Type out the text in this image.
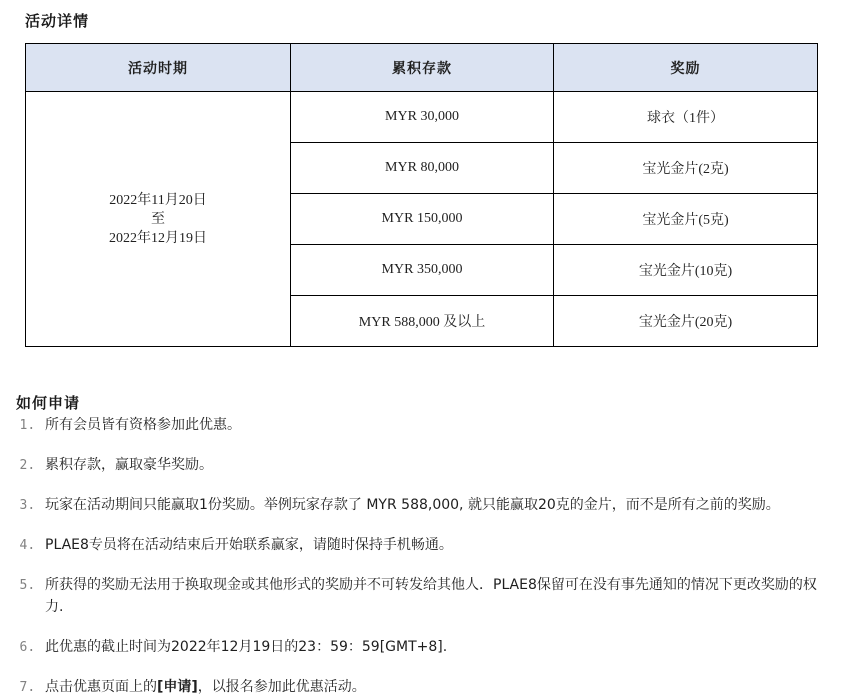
活动详情
活动时期	累积存款	奖励

2022年11月20日
至
2022年12月19日	MYR 30,000	球衣（1件）
	MYR 80,000	宝光金片(2克)
	MYR 150,000	宝光金片(5克)
	MYR 350,000	宝光金片(10克)
	MYR 588,000 及以上	宝光金片(20克)
如何申请
1. 所有会员皆有资格参加此优惠。
2. 累积存款，赢取豪华奖励。
3. 玩家在活动期间只能赢取1份奖励。举例玩家存款了 MYR 588,000, 就只能赢取20克的金片，而不是所有之前的奖励。
4. PLAE8专员将在活动结束后开始联系赢家，请随时保持手机畅通。
5. 所获得的奖励无法用于换取现金或其他形式的奖励并不可转发给其他人．PLAE8保留可在没有事先通知的情况下更改奖励的权力.
6. 此优惠的截止时间为2022年12月19日的23：59：59[GMT+8].
7. 点击优惠页面上的[申请]，以报名参加此优惠活动。
